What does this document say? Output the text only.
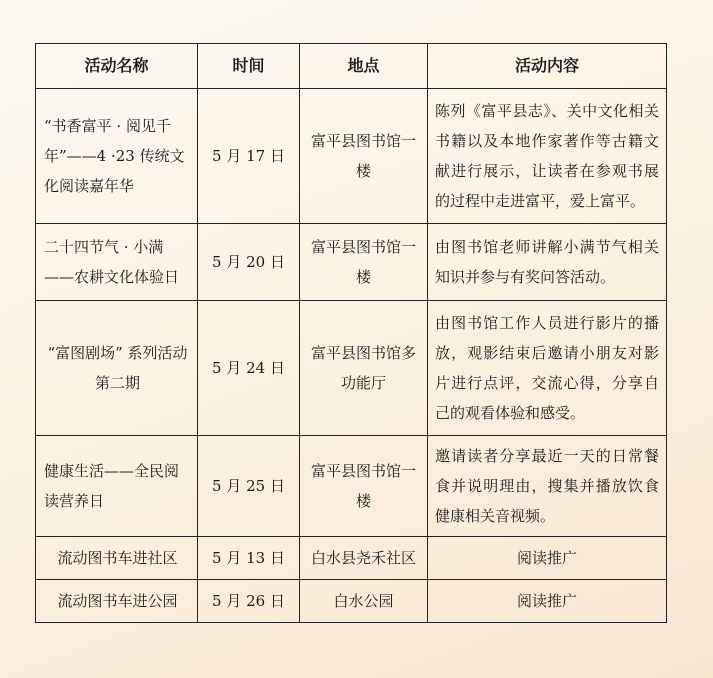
活动名称	时间	地点	活动内容
“书香富平 · 阅见千年”——4 ·23 传统文化阅读嘉年华	5 月 17 日	富平县图书馆一楼	陈列《富平县志》、关中文化相关书籍以及本地作家著作等古籍文献进行展示，让读者在参观书展的过程中走进富平，爱上富平。
二十四节气 · 小满——农耕文化体验日	5 月 20 日	富平县图书馆一楼	由图书馆老师讲解小满节气相关知识并参与有奖问答活动。
“富图剧场” 系列活动第二期	5 月 24 日	富平县图书馆多功能厅	由图书馆工作人员进行影片的播放，观影结束后邀请小朋友对影片进行点评，交流心得，分享自己的观看体验和感受。
健康生活——全民阅读营养日	5 月 25 日	富平县图书馆一楼	邀请读者分享最近一天的日常餐食并说明理由，搜集并播放饮食健康相关音视频。
流动图书车进社区	5 月 13 日	白水县尧禾社区	阅读推广
流动图书车进公园	5 月 26 日	白水公园	阅读推广
